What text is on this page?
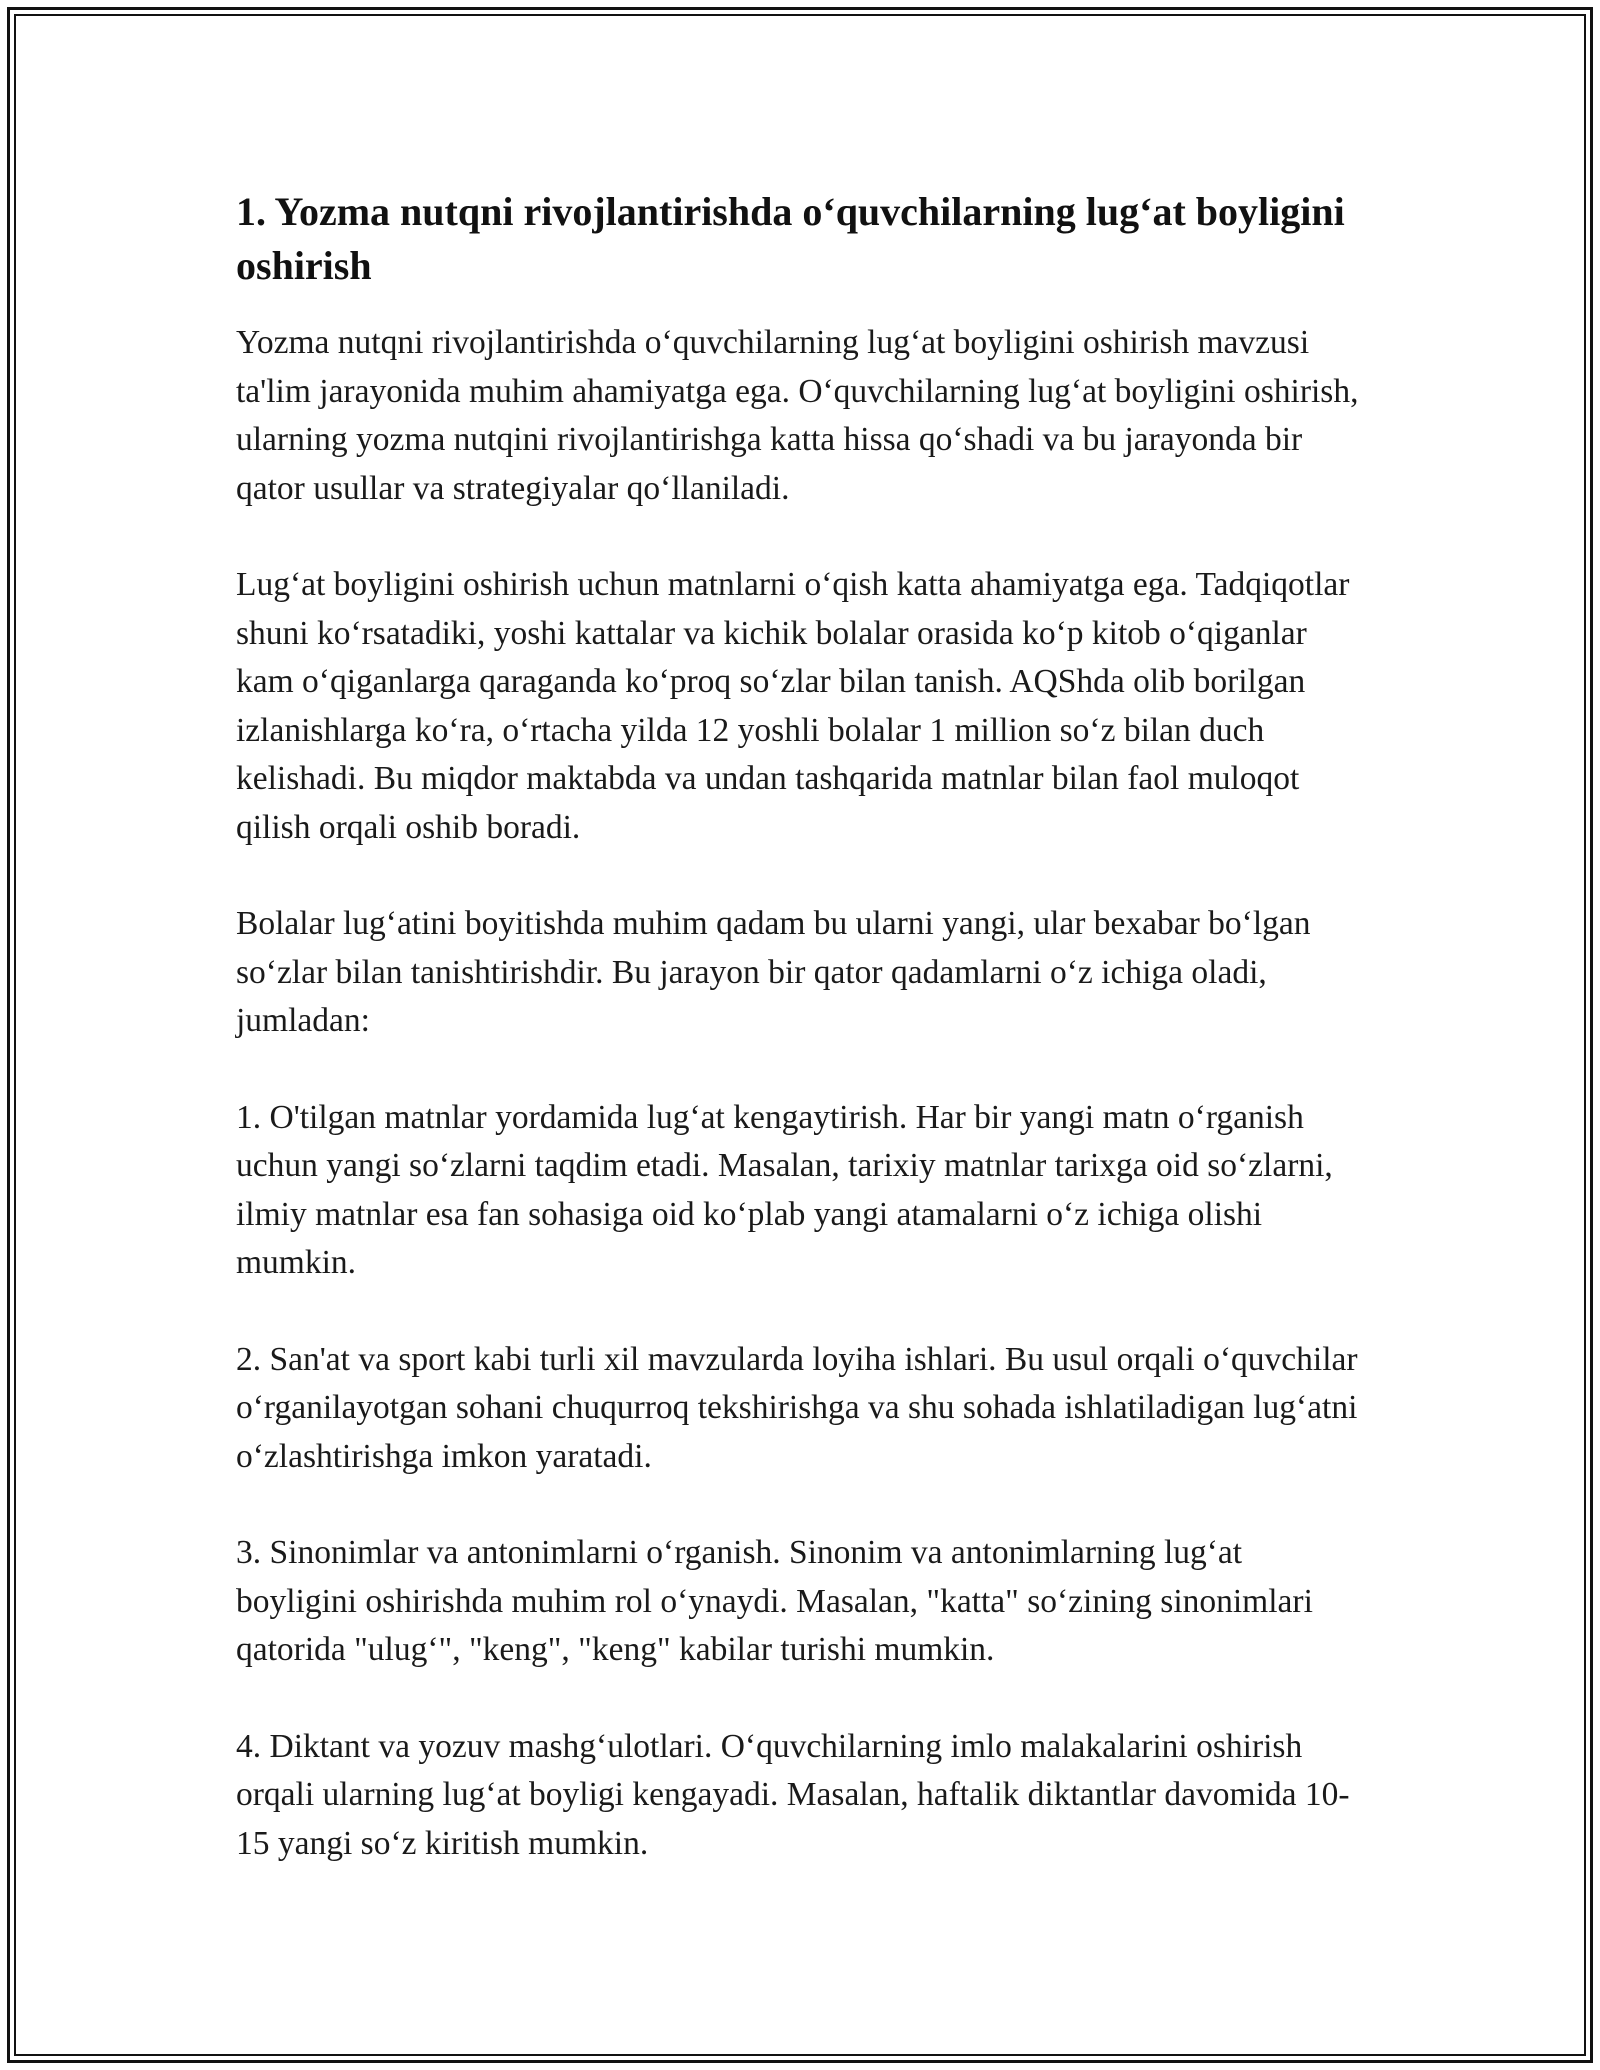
1. Yozma nutqni rivojlantirishda o‘quvchilarning lug‘at boyligini oshirish

Yozma nutqni rivojlantirishda o‘quvchilarning lug‘at boyligini oshirish mavzusi ta'lim jarayonida muhim ahamiyatga ega. O‘quvchilarning lug‘at boyligini oshirish, ularning yozma nutqini rivojlantirishga katta hissa qo‘shadi va bu jarayonda bir qator usullar va strategiyalar qo‘llaniladi.

Lug‘at boyligini oshirish uchun matnlarni o‘qish katta ahamiyatga ega. Tadqiqotlar shuni ko‘rsatadiki, yoshi kattalar va kichik bolalar orasida ko‘p kitob o‘qiganlar kam o‘qiganlarga qaraganda ko‘proq so‘zlar bilan tanish. AQShda olib borilgan izlanishlarga ko‘ra, o‘rtacha yilda 12 yoshli bolalar 1 million so‘z bilan duch kelishadi. Bu miqdor maktabda va undan tashqarida matnlar bilan faol muloqot qilish orqali oshib boradi.

Bolalar lug‘atini boyitishda muhim qadam bu ularni yangi, ular bexabar bo‘lgan so‘zlar bilan tanishtirishdir. Bu jarayon bir qator qadamlarni o‘z ichiga oladi, jumladan:

1. O'tilgan matnlar yordamida lug‘at kengaytirish. Har bir yangi matn o‘rganish uchun yangi so‘zlarni taqdim etadi. Masalan, tarixiy matnlar tarixga oid so‘zlarni, ilmiy matnlar esa fan sohasiga oid ko‘plab yangi atamalarni o‘z ichiga olishi mumkin.

2. San'at va sport kabi turli xil mavzularda loyiha ishlari. Bu usul orqali o‘quvchilar o‘rganilayotgan sohani chuqurroq tekshirishga va shu sohada ishlatiladigan lug‘atni o‘zlashtirishga imkon yaratadi.

3. Sinonimlar va antonimlarni o‘rganish. Sinonim va antonimlarning lug‘at boyligini oshirishda muhim rol o‘ynaydi. Masalan, "katta" so‘zining sinonimlari qatorida "ulug‘", "keng", "keng" kabilar turishi mumkin.

4. Diktant va yozuv mashg‘ulotlari. O‘quvchilarning imlo malakalarini oshirish orqali ularning lug‘at boyligi kengayadi. Masalan, haftalik diktantlar davomida 10-15 yangi so‘z kiritish mumkin.
